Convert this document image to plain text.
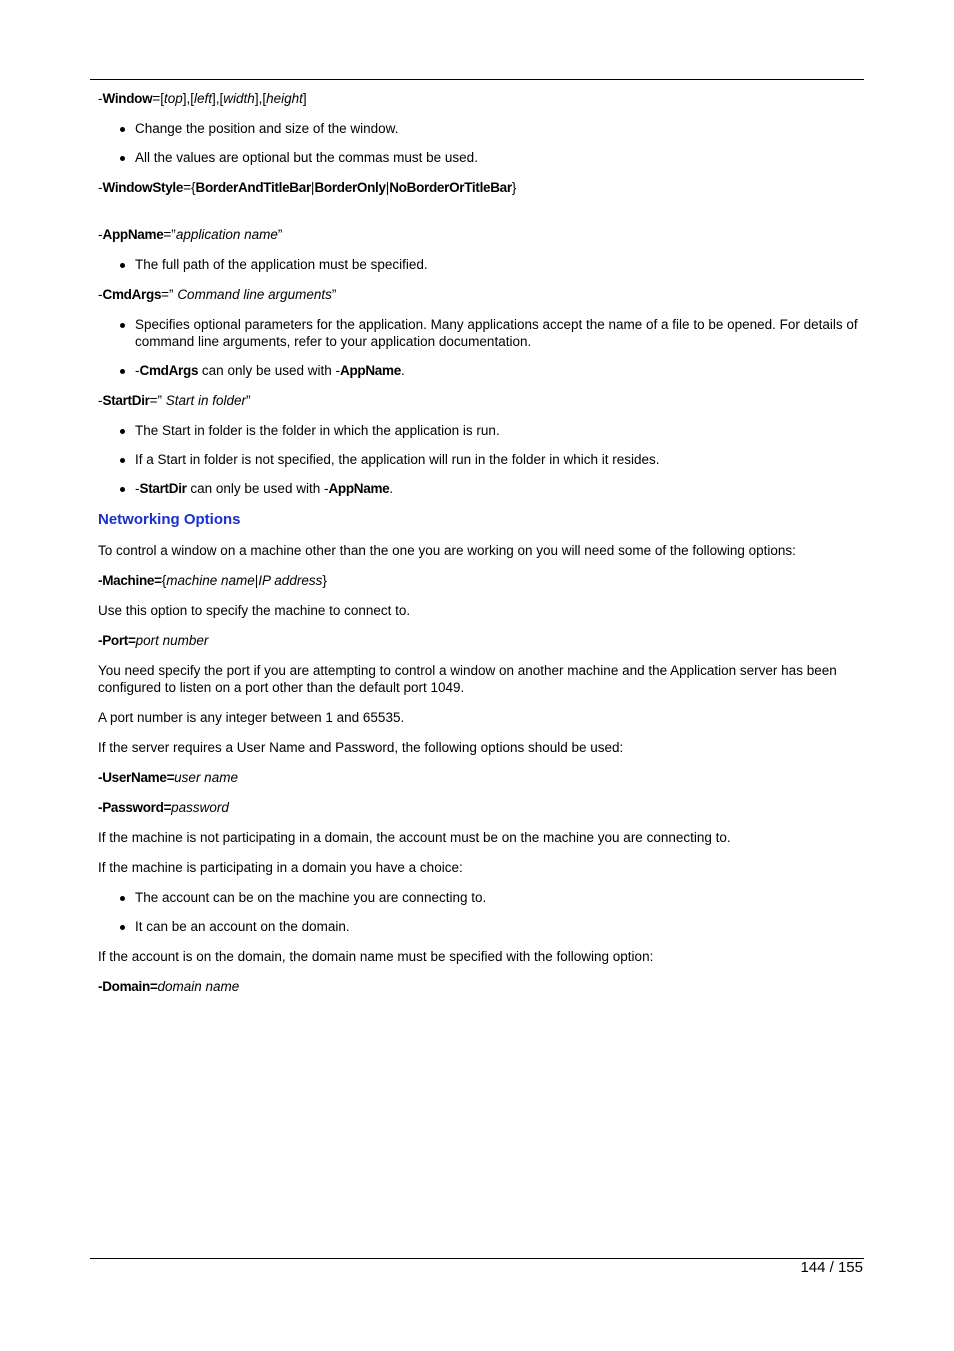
-Window=[top],[left],[width],[height]

Change the position and size of the window.
All the values are optional but the commas must be used.

-WindowStyle={BorderAndTitleBar|BorderOnly|NoBorderOrTitleBar}

-AppName=”application name”

The full path of the application must be specified.

-CmdArgs=” Command line arguments”

Specifies optional parameters for the application. Many applications accept the name of a file to be opened. For details of command line arguments, refer to your application documentation.
-CmdArgs can only be used with -AppName.

-StartDir=” Start in folder”

The Start in folder is the folder in which the application is run.
If a Start in folder is not specified, the application will run in the folder in which it resides.
-StartDir can only be used with -AppName.
Networking Options

To control a window on a machine other than the one you are working on you will need some of the following options:

-Machine={machine name|IP address}

Use this option to specify the machine to connect to.

-Port=port number

You need specify the port if you are attempting to control a window on another machine and the Application server has been configured to listen on a port other than the default port 1049.

A port number is any integer between 1 and 65535.

If the server requires a User Name and Password, the following options should be used:

-UserName=user name

-Password=password

If the machine is not participating in a domain, the account must be on the machine you are connecting to.

If the machine is participating in a domain you have a choice:

The account can be on the machine you are connecting to.
It can be an account on the domain.

If the account is on the domain, the domain name must be specified with the following option:

-Domain=domain name

144 / 155
